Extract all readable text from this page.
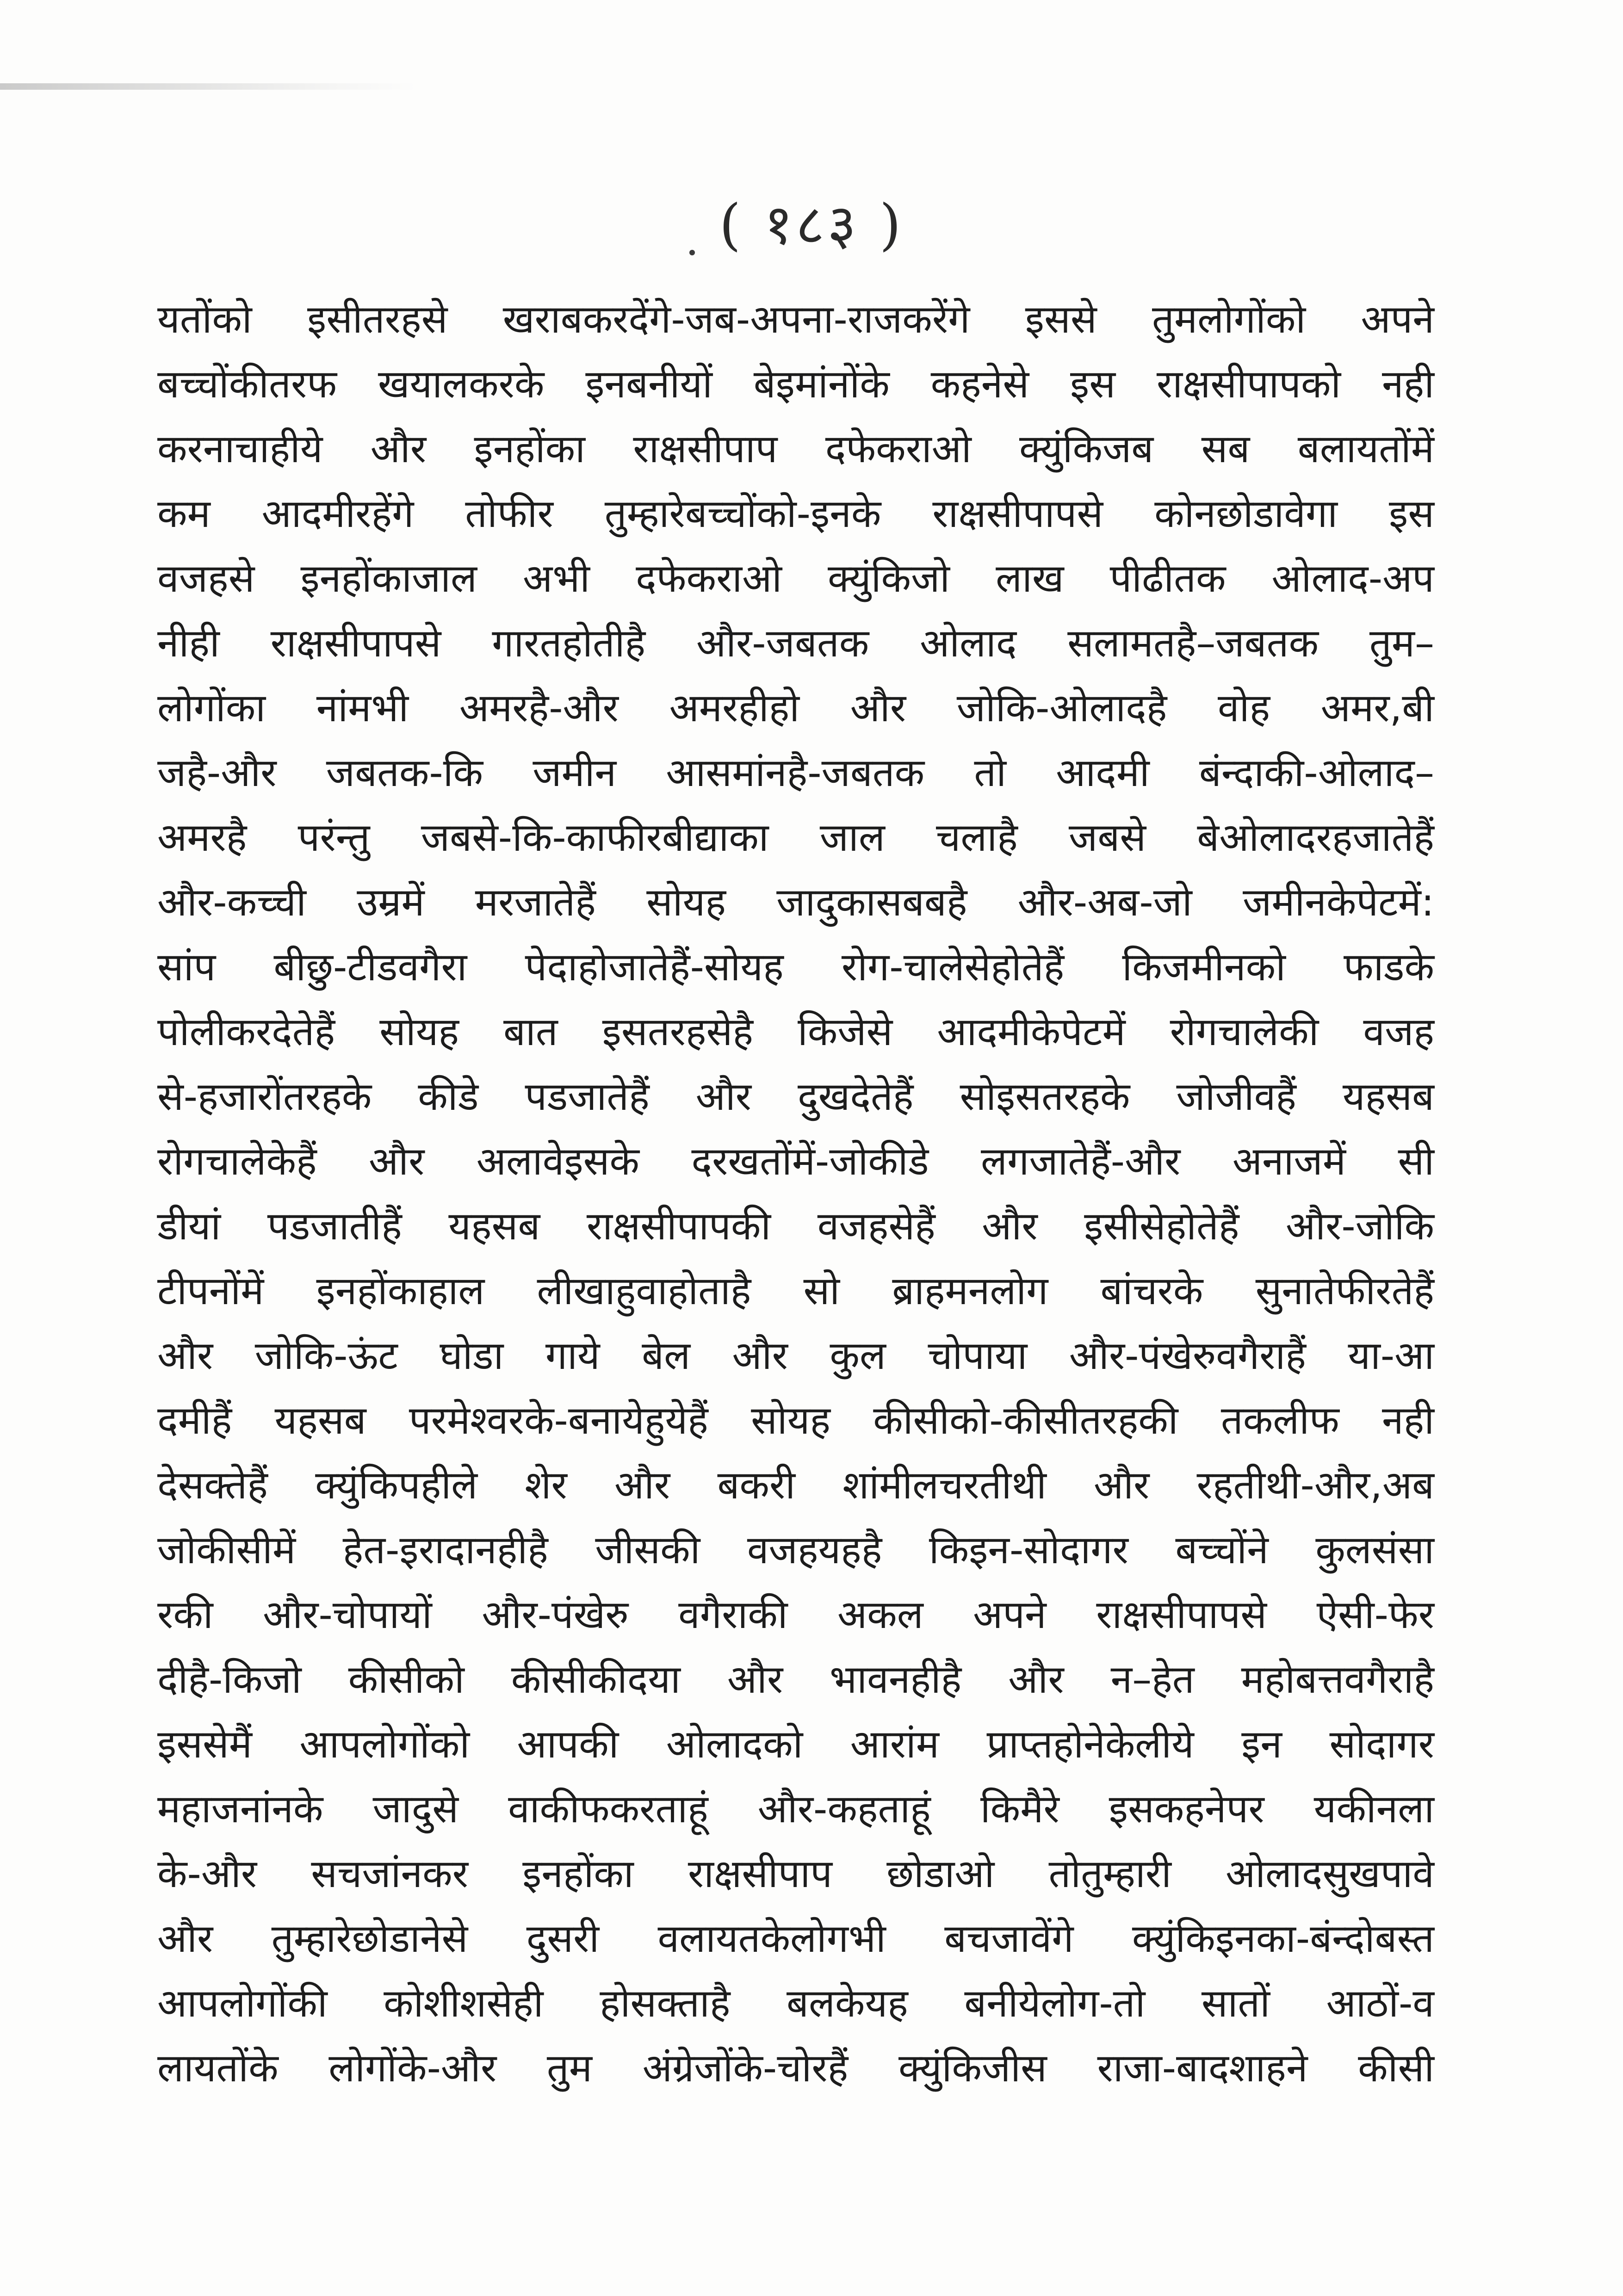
( १८३ )
यतोंको इसीतरहसे खराबकरदेंगे-जब-अपना-राजकरेंगे इससे तुमलोगोंको अपने
बच्चोंकीतरफ खयालकरके इनबनीयों बेइमांनोंके कहनेसे इस राक्षसीपापको नही
करनाचाहीये और इनहोंका राक्षसीपाप दफेकराओ क्युंकिजब सब बलायतोंमें
कम आदमीरहेंगे तोफीर तुम्हारेबच्चोंको-इनके राक्षसीपापसे कोनछोडावेगा इस
वजहसे इनहोंकाजाल अभी दफेकराओ क्युंकिजो लाख पीढीतक ओलाद-अप
नीही राक्षसीपापसे गारतहोतीहै और-जबतक ओलाद सलामतहै–जबतक तुम–
लोगोंका नांमभी अमरहै-और अमरहीहो और जोकि-ओलादहै वोह अमर,बी
जहै-और जबतक-कि जमीन आसमांनहै-जबतक तो आदमी बंन्दाकी-ओलाद–
अमरहै परंन्तु जबसे-कि-काफीरबीद्याका जाल चलाहै जबसे बेओलादरहजातेहैं
और-कच्ची उम्रमें मरजातेहैं सोयह जादुकासबबहै और-अब-जो जमीनकेपेटमें:
सांप बीछु-टीडवगैरा पेदाहोजातेहैं-सोयह रोग-चालेसेहोतेहैं किजमीनको फाडके
पोलीकरदेतेहैं सोयह बात इसतरहसेहै किजेसे आदमीकेपेटमें रोगचालेकी वजह
से-हजारोंतरहके कीडे पडजातेहैं और दुखदेतेहैं सोइसतरहके जोजीवहैं यहसब
रोगचालेकेहैं और अलावेइसके दरखतोंमें-जोकीडे लगजातेहैं-और अनाजमें सी
डीयां पडजातीहैं यहसब राक्षसीपापकी वजहसेहैं और इसीसेहोतेहैं और-जोकि
टीपनोंमें इनहोंकाहाल लीखाहुवाहोताहै सो ब्राहमनलोग बांचरके सुनातेफीरतेहैं
और जोकि-ऊंट घोडा गाये बेल और कुल चोपाया और-पंखेरुवगैराहैं या-आ
दमीहैं यहसब परमेश्वरके-बनायेहुयेहैं सोयह कीसीको-कीसीतरहकी तकलीफ नही
देसक्तेहैं क्युंकिपहीले शेर और बकरी शांमीलचरतीथी और रहतीथी-और,अब
जोकीसीमें हेत-इरादानहीहै जीसकी वजहयहहै किइन-सोदागर बच्चोंने कुलसंसा
रकी और-चोपायों और-पंखेरु वगैराकी अकल अपने राक्षसीपापसे ऐसी-फेर
दीहै-किजो कीसीको कीसीकीदया और भावनहीहै और न–हेत महोबत्तवगैराहै
इससेमैं आपलोगोंको आपकी ओलादको आरांम प्राप्तहोनेकेलीये इन सोदागर
महाजनांनके जादुसे वाकीफकरताहूं और-कहताहूं किमैरे इसकहनेपर यकीनला
के-और सचजांनकर इनहोंका राक्षसीपाप छोडाओ तोतुम्हारी ओलादसुखपावे
और तुम्हारेछोडानेसे दुसरी वलायतकेलोगभी बचजावेंगे क्युंकिइनका-बंन्दोबस्त
आपलोगोंकी कोशीशसेही होसक्ताहै बलकेयह बनीयेलोग-तो सातों आठों-व
लायतोंके लोगोंके-और तुम अंग्रेजोंके-चोरहैं क्युंकिजीस राजा-बादशाहने कीसी
